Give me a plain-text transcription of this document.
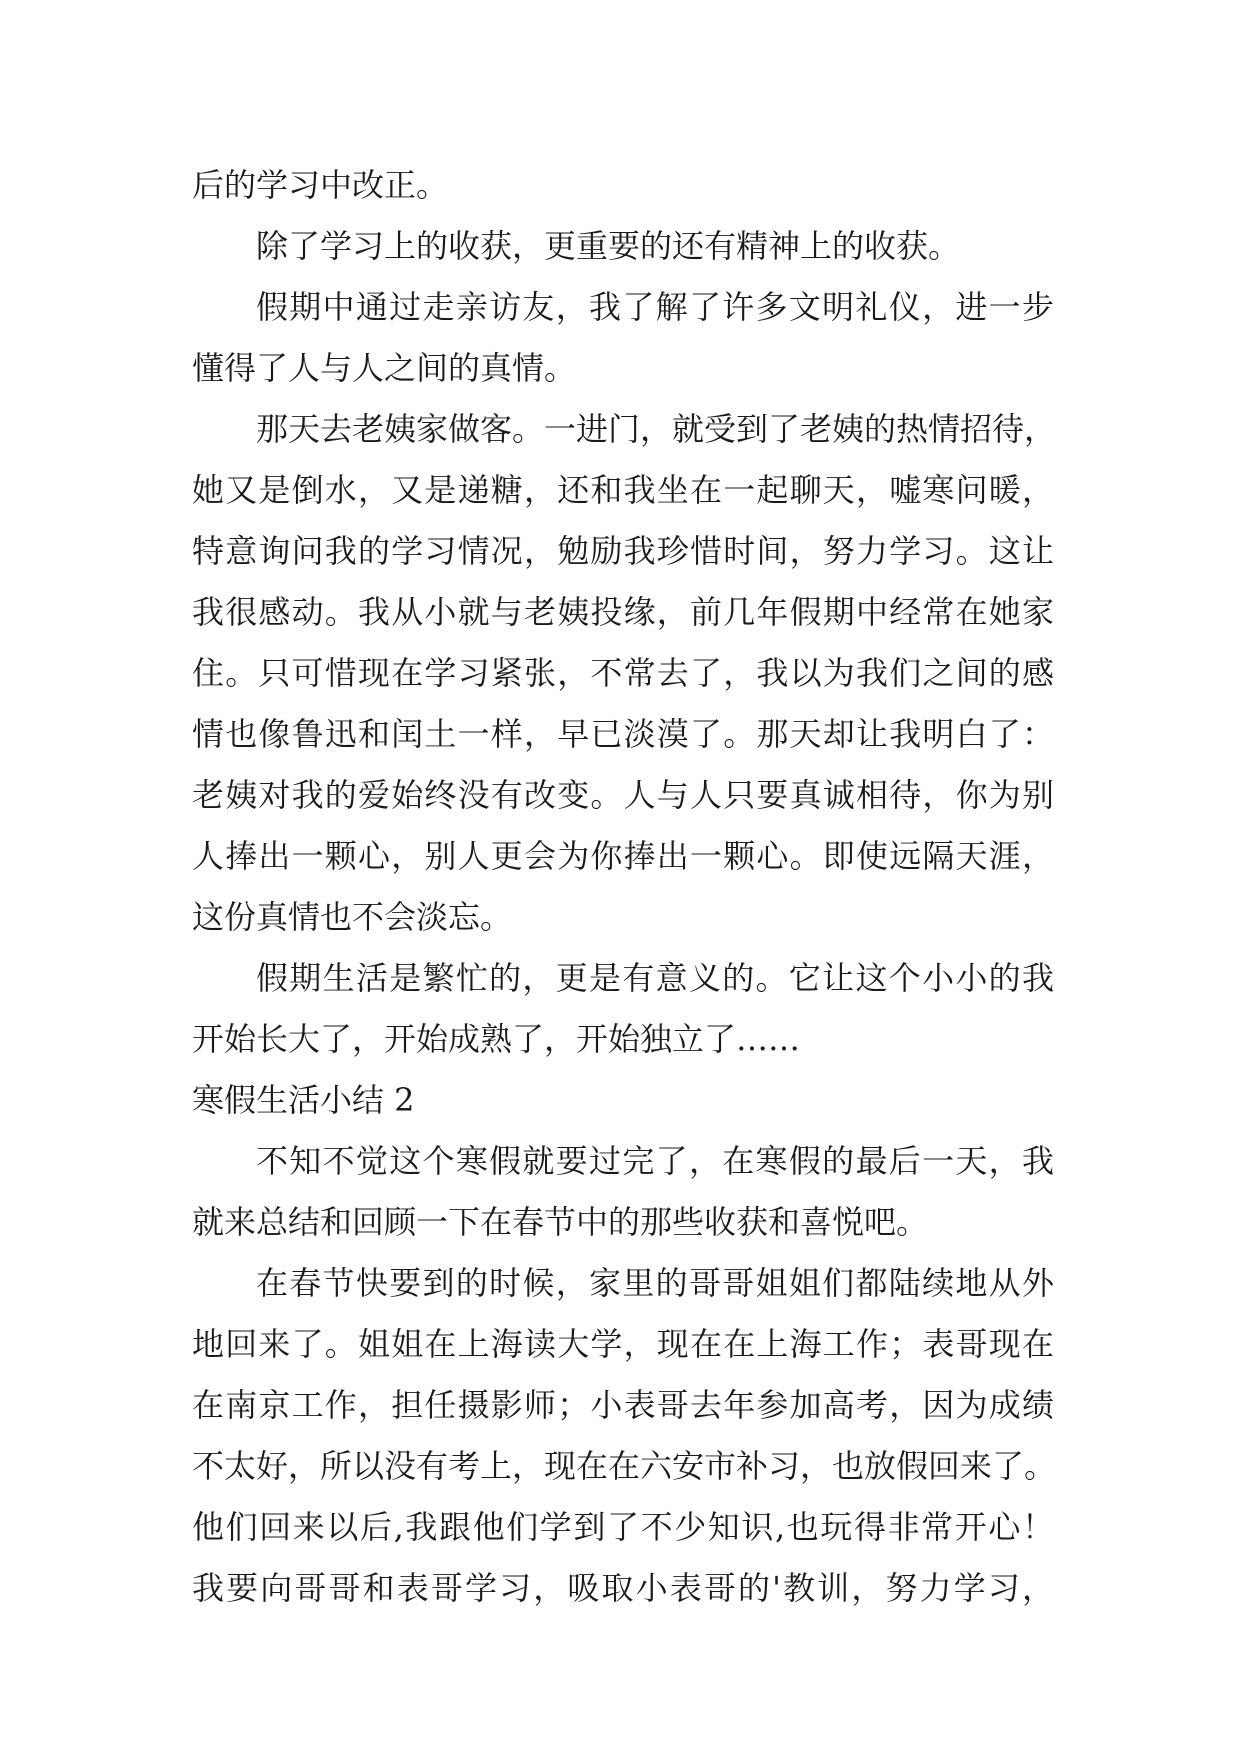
后的学习中改正。
除了学习上的收获，更重要的还有精神上的收获。
假期中通过走亲访友，我了解了许多文明礼仪，进一步
懂得了人与人之间的真情。
那天去老姨家做客。一进门，就受到了老姨的热情招待，
她又是倒水，又是递糖，还和我坐在一起聊天，嘘寒问暖，
特意询问我的学习情况，勉励我珍惜时间，努力学习。这让
我很感动。我从小就与老姨投缘，前几年假期中经常在她家
住。只可惜现在学习紧张，不常去了，我以为我们之间的感
情也像鲁迅和闰土一样，早已淡漠了。那天却让我明白了：
老姨对我的爱始终没有改变。人与人只要真诚相待，你为别
人捧出一颗心，别人更会为你捧出一颗心。即使远隔天涯，
这份真情也不会淡忘。
假期生活是繁忙的，更是有意义的。它让这个小小的我
开始长大了，开始成熟了，开始独立了……
寒假生活小结 2
不知不觉这个寒假就要过完了，在寒假的最后一天，我
就来总结和回顾一下在春节中的那些收获和喜悦吧。
在春节快要到的时候，家里的哥哥姐姐们都陆续地从外
地回来了。姐姐在上海读大学，现在在上海工作；表哥现在
在南京工作，担任摄影师；小表哥去年参加高考，因为成绩
不太好，所以没有考上，现在在六安市补习，也放假回来了。
他们回来以后,我跟他们学到了不少知识,也玩得非常开心！
我要向哥哥和表哥学习，吸取小表哥的'教训，努力学习，
